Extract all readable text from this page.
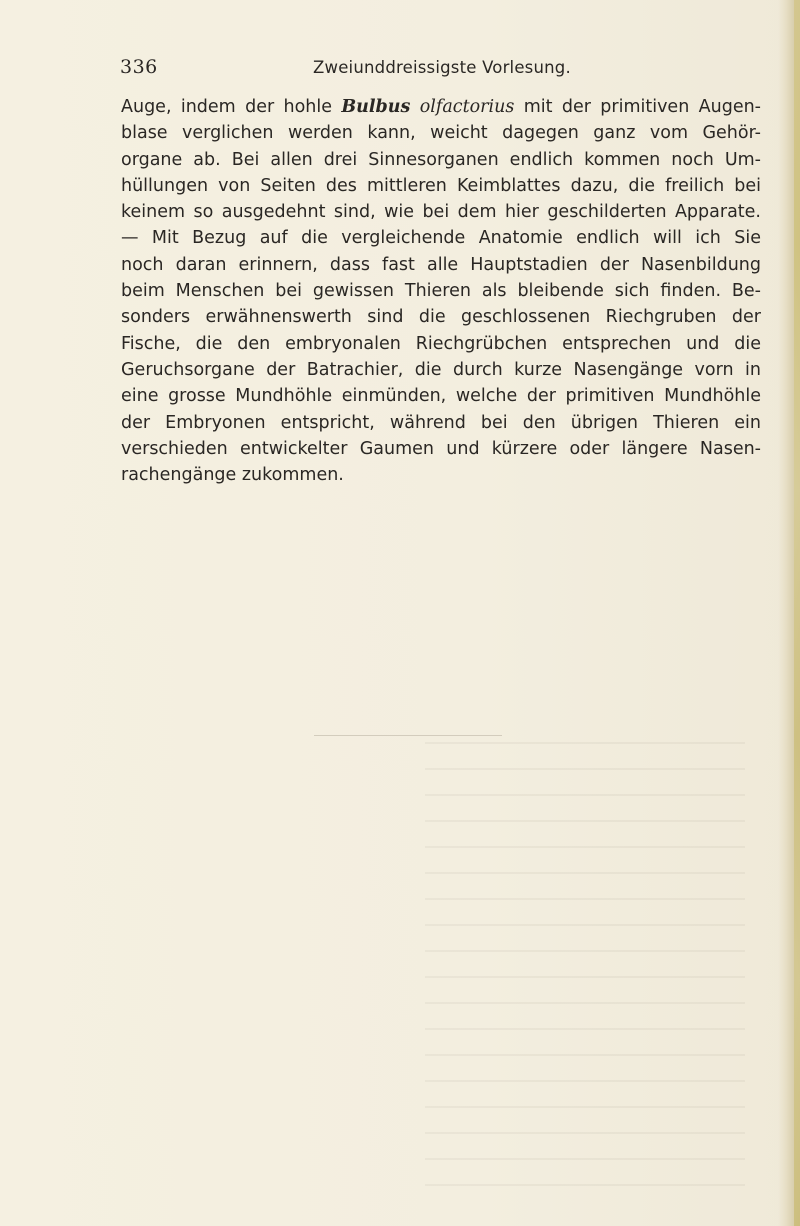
336	Zweiunddreissigste Vorlesung.
Auge, indem der hohle Bulbus olfactorius mit der primitiven Augen-
blase verglichen werden kann, weicht dagegen ganz vom Gehör-
organe ab. Bei allen drei Sinnesorganen endlich kommen noch Um-
hüllungen von Seiten des mittleren Keimblattes dazu, die freilich bei
keinem so ausgedehnt sind, wie bei dem hier geschilderten Apparate.
— Mit Bezug auf die vergleichende Anatomie endlich will ich Sie
noch daran erinnern, dass fast alle Hauptstadien der Nasenbildung
beim Menschen bei gewissen Thieren als bleibende sich finden. Be-
sonders erwähnenswerth sind die geschlossenen Riechgruben der
Fische, die den embryonalen Riechgrübchen entsprechen und die
Geruchsorgane der Batrachier, die durch kurze Nasengänge vorn in
eine grosse Mundhöhle einmünden, welche der primitiven Mundhöhle
der Embryonen entspricht, während bei den übrigen Thieren ein
verschieden entwickelter Gaumen und kürzere oder längere Nasen-
rachengänge zukommen.
